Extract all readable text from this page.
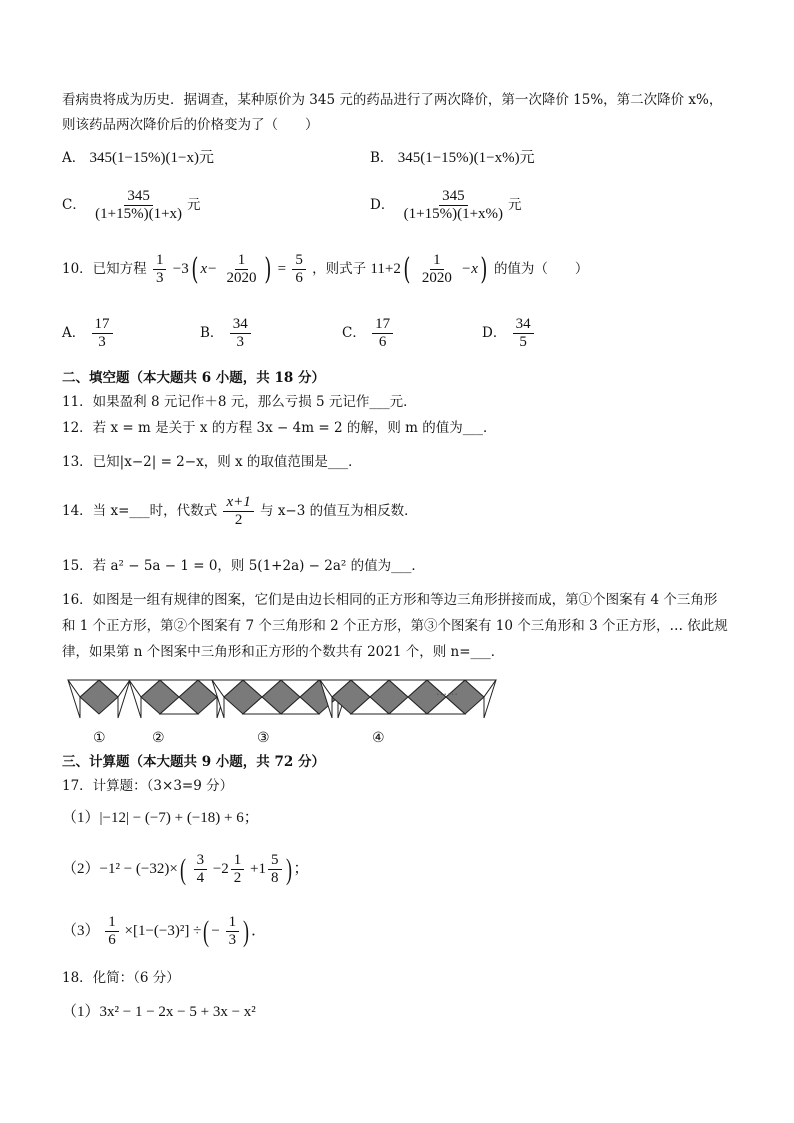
看病贵将成为历史．据调查，某种原价为 345 元的药品进行了两次降价，第一次降价 15%，第二次降价 x%，
则该药品两次降价后的价格变为了（　　）
A． 345(1−15%)(1−x)元	B． 345(1−15%)(1−x%)元
C． $\frac{345}{(1+15\%)(1+x)}$ 元	D． $\frac{345}{(1+15\%)(1+x\%)}$ 元
10．已知方程 $\frac{1}{3} -3$( $x- \frac{1}{2020}$ ) = $\frac{5}{6}$ ，则式子 $11+2( \frac{1}{2020} -x)$ 的值为（　　）
A． $\frac{17}{3}$	B． $\frac{34}{3}$	C． $\frac{17}{6}$	D． $\frac{34}{5}$
二、填空题（本大题共 6 小题，共 18 分）
11．如果盈利 8 元记作＋8 元，那么亏损 5 元记作___元．
12．若 x = m 是关于 x 的方程 3x − 4m = 2 的解，则 m 的值为___．
13．已知|x−2| = 2−x，则 x 的取值范围是___．
14．当 x=___时，代数式 $\frac{x+1}{2}$ 与 x−3 的值互为相反数．
15．若 a² − 5a − 1 = 0，则 5(1+2a) − 2a² 的值为___．
16．如图是一组有规律的图案，它们是由边长相同的正方形和等边三角形拼接而成，第①个图案有 4 个三角形
和 1 个正方形，第②个图案有 7 个三角形和 2 个正方形，第③个图案有 10 个三角形和 3 个正方形，… 依此规
律，如果第 n 个图案中三角形和正方形的个数共有 2021 个，则 n=___．
①	②	③	④
……
三、计算题（本大题共 9 小题，共 72 分）
17．计算题：（3×3=9 分）
（1）|−12| − (−7) + (−18) + 6；
$(2)-1^2 - (-32)\times( \frac{3}{4} -2 \frac{1}{2} +1 \frac{5}{8}$ ) ；
$(3) \frac{1}{6} \times[1-(-3)^2]$ ÷( − $\frac{1}{3}$ ) ．
18．化简：（6 分）
（1）3x² − 1 − 2x − 5 + 3x − x²
